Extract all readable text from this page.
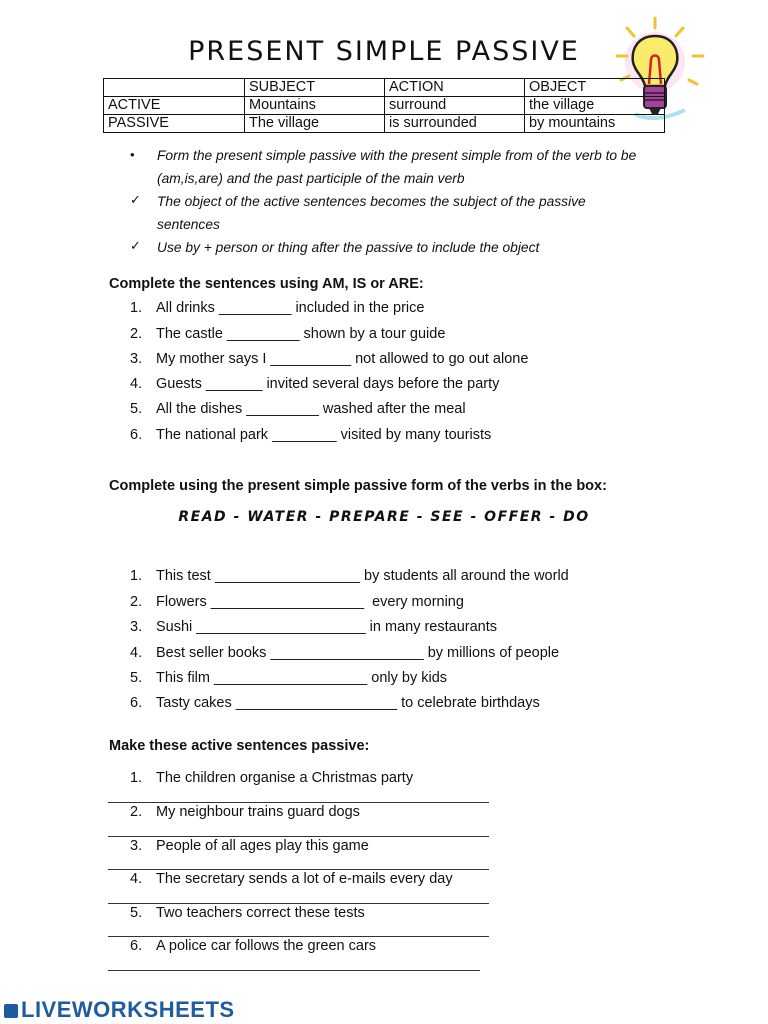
PRESENT SIMPLE PASSIVE
	SUBJECT	ACTION	OBJECT
ACTIVE	Mountains	surround	the village
PASSIVE	The village	is surrounded	by mountains
• Form the present simple passive with the present simple from of the verb to be
(am,is,are) and the past participle of the main verb
✓ The object of the active sentences becomes the subject of the passive
sentences
✓ Use by + person or thing after the passive to include the object
Complete the sentences using AM, IS or ARE:
1. All drinks _________ included in the price
2. The castle _________ shown by a tour guide
3. My mother says I __________ not allowed to go out alone
4. Guests _______ invited several days before the party
5. All the dishes _________ washed after the meal
6. The national park ________ visited by many tourists
Complete using the present simple passive form of the verbs in the box:
READ - WATER - PREPARE - SEE - OFFER - DO
1. This test __________________ by students all around the world
2. Flowers ___________________  every morning
3. Sushi _____________________ in many restaurants
4. Best seller books ___________________ by millions of people
5. This film ___________________ only by kids
6. Tasty cakes ____________________ to celebrate birthdays
Make these active sentences passive:
1. The children organise a Christmas party
2. My neighbour trains guard dogs
3. People of all ages play this game
4. The secretary sends a lot of e-mails every day
5. Two teachers correct these tests
6. A police car follows the green cars
LIVEWORKSHEETS
